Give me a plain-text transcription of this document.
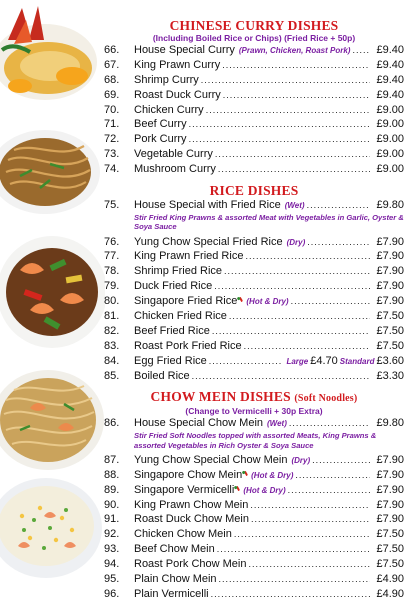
CHINESE CURRY DISHES
(Including Boiled Rice or Chips) (Fried Rice + 50p)
66.	House Special Curry (Prawn, Chicken, Roast Pork) .....	£9.40
67.	King Prawn Curry .....	£9.40
68.	Shrimp Curry .....	£9.40
69.	Roast Duck Curry .....	£9.40
70.	Chicken Curry .....	£9.00
71.	Beef Curry .....	£9.00
72.	Pork Curry .....	£9.00
73.	Vegetable Curry .....	£9.00
74.	Mushroom Curry .....	£9.00
RICE DISHES
75.	House Special with Fried Rice (Wet) .....	£9.80
Stir Fried King Prawns & assorted Meat with Vegetables in Garlic, Oyster & Soya Sauce
76.	Yung Chow Special Fried Rice (Dry) .....	£7.90
77.	King Prawn Fried Rice .....	£7.90
78.	Shrimp Fried Rice .....	£7.90
79.	Duck Fried Rice .....	£7.90
80.	Singapore Fried Rice (Hot & Dry) .....	£7.90
81.	Chicken Fried Rice .....	£7.50
82.	Beef Fried Rice .....	£7.50
83.	Roast Pork Fried Rice .....	£7.50
84.	Egg Fried Rice .....	Large £4.70 Standard £3.60
85.	Boiled Rice .....	£3.30
CHOW MEIN DISHES (Soft Noodles)
(Change to Vermicelli + 30p Extra)
86.	House Special Chow Mein (Wet) .....	£9.80
Stir Fried Soft Noodles topped with assorted Meats, King Prawns & assorted Vegetables in Rich Oyster & Soya Sauce
87.	Yung Chow Special Chow Mein (Dry) .....	£7.90
88.	Singapore Chow Mein (Hot & Dry) .....	£7.90
89.	Singapore Vermicelli (Hot & Dry) .....	£7.90
90.	King Prawn Chow Mein .....	£7.90
91.	Roast Duck Chow Mein .....	£7.90
92.	Chicken Chow Mein .....	£7.50
93.	Beef Chow Mein .....	£7.50
94.	Roast Pork Chow Mein .....	£7.50
95.	Plain Chow Mein .....	£4.90
96.	Plain Vermicelli .....	£4.90
